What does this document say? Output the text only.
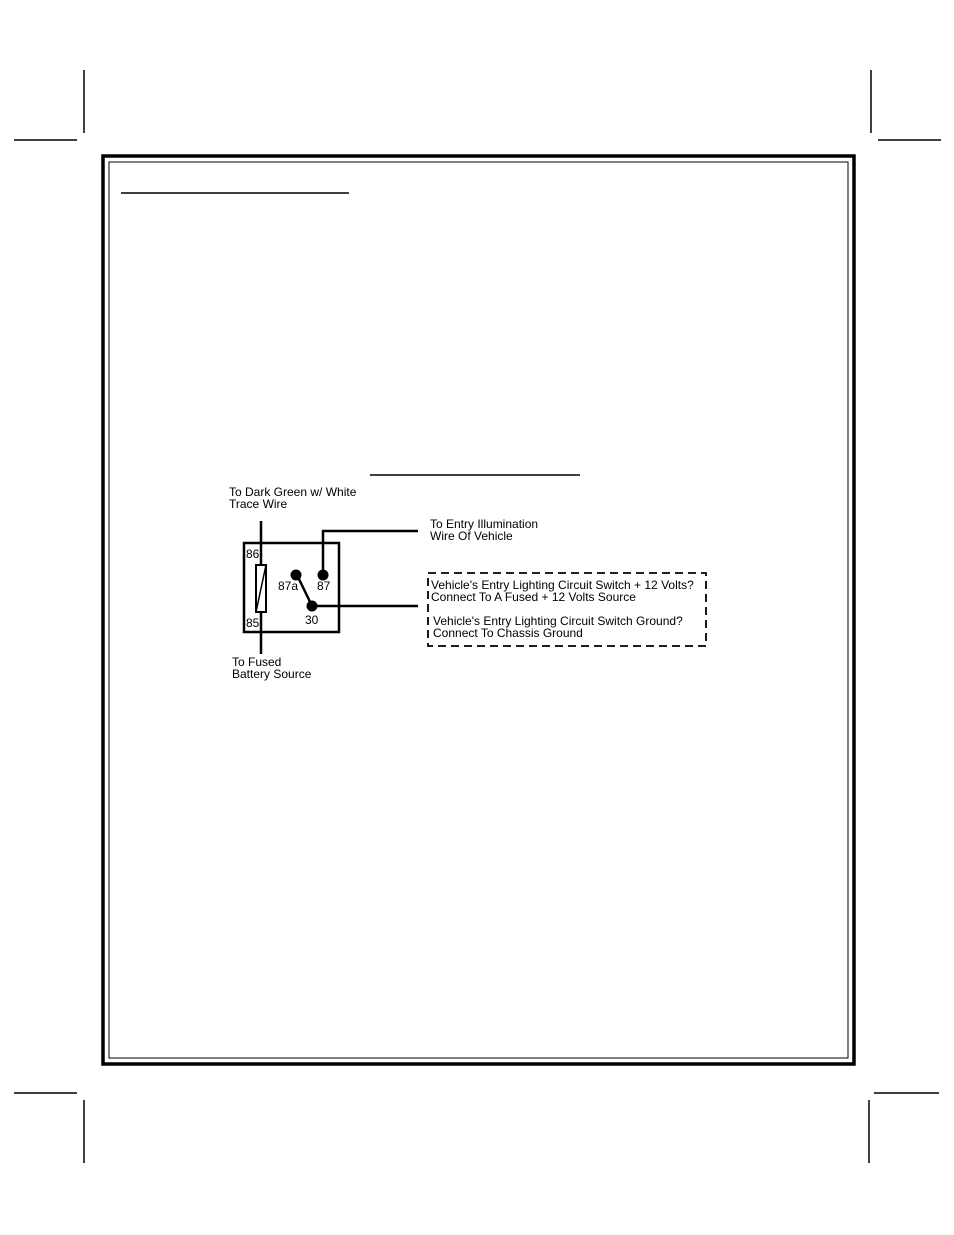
To Dark Green w/ White
Trace Wire
To Entry Illumination
Wire Of Vehicle
To Fused
Battery Source
86
85
87a 87
30
Vehicle's Entry Lighting Circuit Switch + 12 Volts?
Connect To A Fused + 12 Volts Source
Vehicle's Entry Lighting Circuit Switch Ground?
Connect To Chassis Ground
